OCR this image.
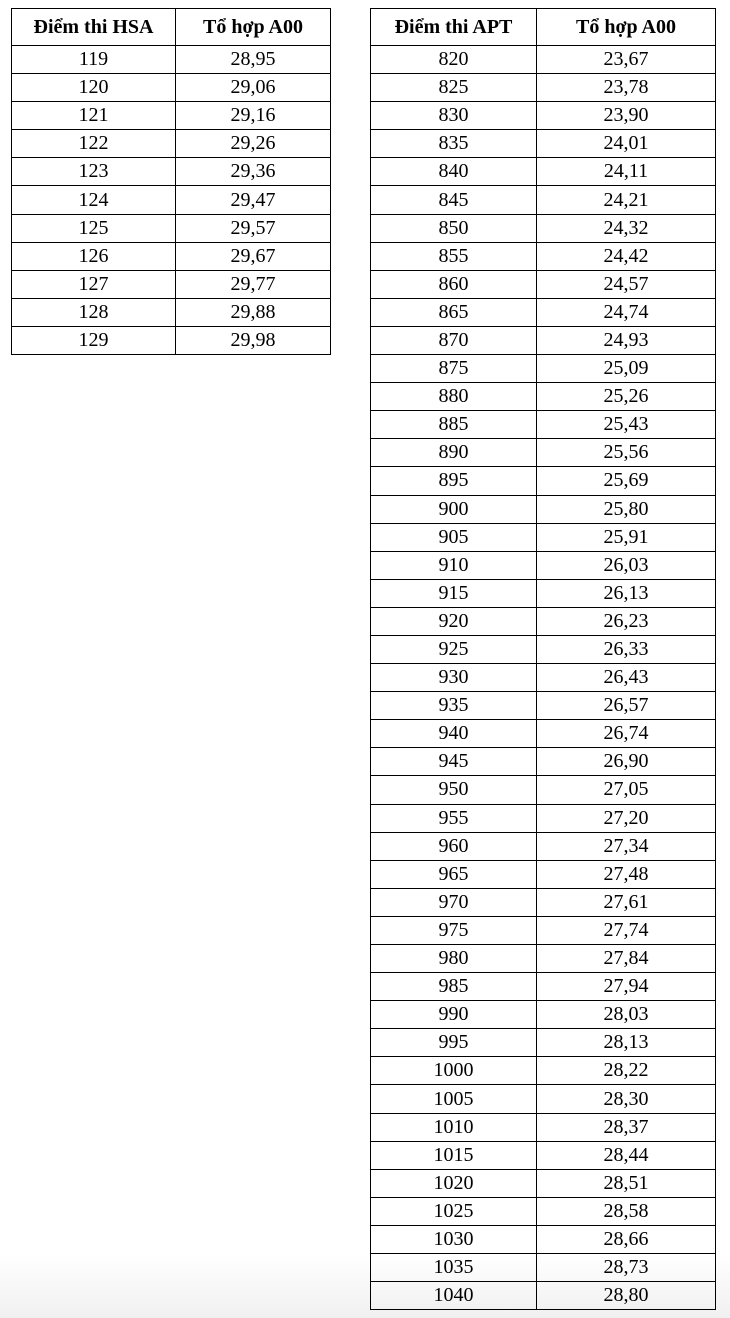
Điểm thi HSA	Tổ hợp A00
119	28,95
120	29,06
121	29,16
122	29,26
123	29,36
124	29,47
125	29,57
126	29,67
127	29,77
128	29,88
129	29,98
Điểm thi APT	Tổ hợp A00
820	23,67
825	23,78
830	23,90
835	24,01
840	24,11
845	24,21
850	24,32
855	24,42
860	24,57
865	24,74
870	24,93
875	25,09
880	25,26
885	25,43
890	25,56
895	25,69
900	25,80
905	25,91
910	26,03
915	26,13
920	26,23
925	26,33
930	26,43
935	26,57
940	26,74
945	26,90
950	27,05
955	27,20
960	27,34
965	27,48
970	27,61
975	27,74
980	27,84
985	27,94
990	28,03
995	28,13
1000	28,22
1005	28,30
1010	28,37
1015	28,44
1020	28,51
1025	28,58
1030	28,66
1035	28,73
1040	28,80
